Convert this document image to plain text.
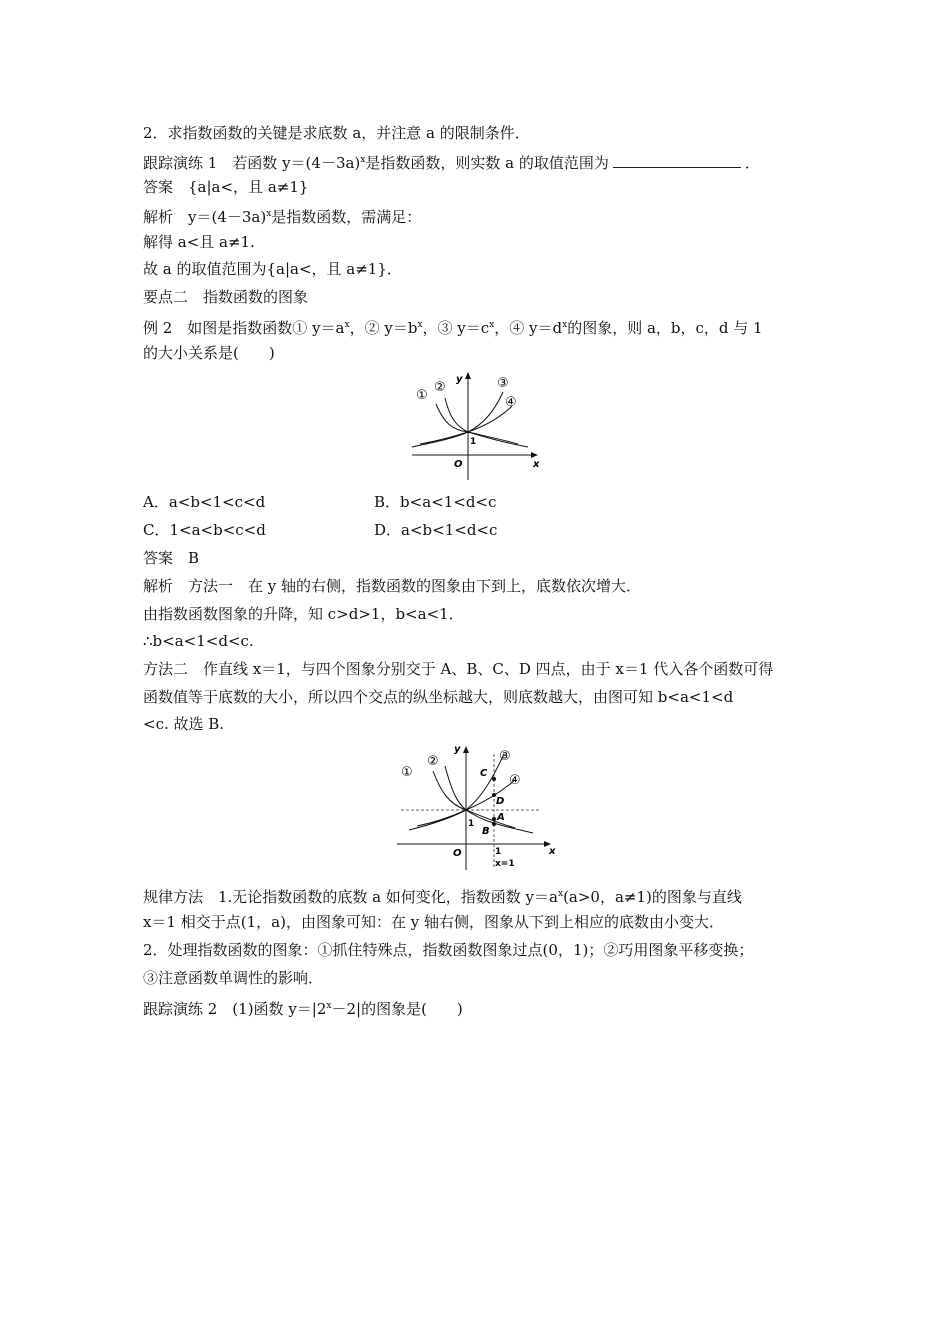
2．求指数函数的关键是求底数 a，并注意 a 的限制条件．
跟踪演练 1　若函数 $y=(4-3a)^x$是指数函数，则实数 a 的取值范围为	．
答案　{a|a<，且 a≠1}
解析　$y=(4-3a)^x$是指数函数，需满足：
解得 a<且 a≠1.
故 a 的取值范围为{a|a<，且 a≠1}．
要点二　指数函数的图象
例 2　如图是指数函数① $y=a^x$，② $y=b^x$，③ $y=c^x$，④ $y=d^x$的图象，则 a，b，c，d 与 1
的大小关系是(　　)
①
②	③
④
y
x
O
1
A．a<b<1<c<d	B．b<a<1<d<c
C．1<a<b<c<d	D．a<b<1<d<c
答案　B
解析　方法一　在 y 轴的右侧，指数函数的图象由下到上，底数依次增大．
由指数函数图象的升降，知 c>d>1，b<a<1．
∴b<a<1<d<c.
方法二　作直线 x＝1，与四个图象分别交于 A、B、C、D 四点，由于 x＝1 代入各个函数可得
函数值等于底数的大小，所以四个交点的纵坐标越大，则底数越大，由图可知 b<a<1<d
<c. 故选 B.
①
②	③
④
C
D
A
B
y
x
O
1
1
x=1
规律方法　1.无论指数函数的底数 a 如何变化，指数函数 $y=a^x(a>0$，a≠1)的图象与直线
x＝1 相交于点(1，a)，由图象可知：在 y 轴右侧，图象从下到上相应的底数由小变大．
2．处理指数函数的图象：①抓住特殊点，指数函数图象过点(0，1)；②巧用图象平移变换；
③注意函数单调性的影响．
跟踪演练 2　(1)函数 $y=|2^x-2|$的图象是(　　)
